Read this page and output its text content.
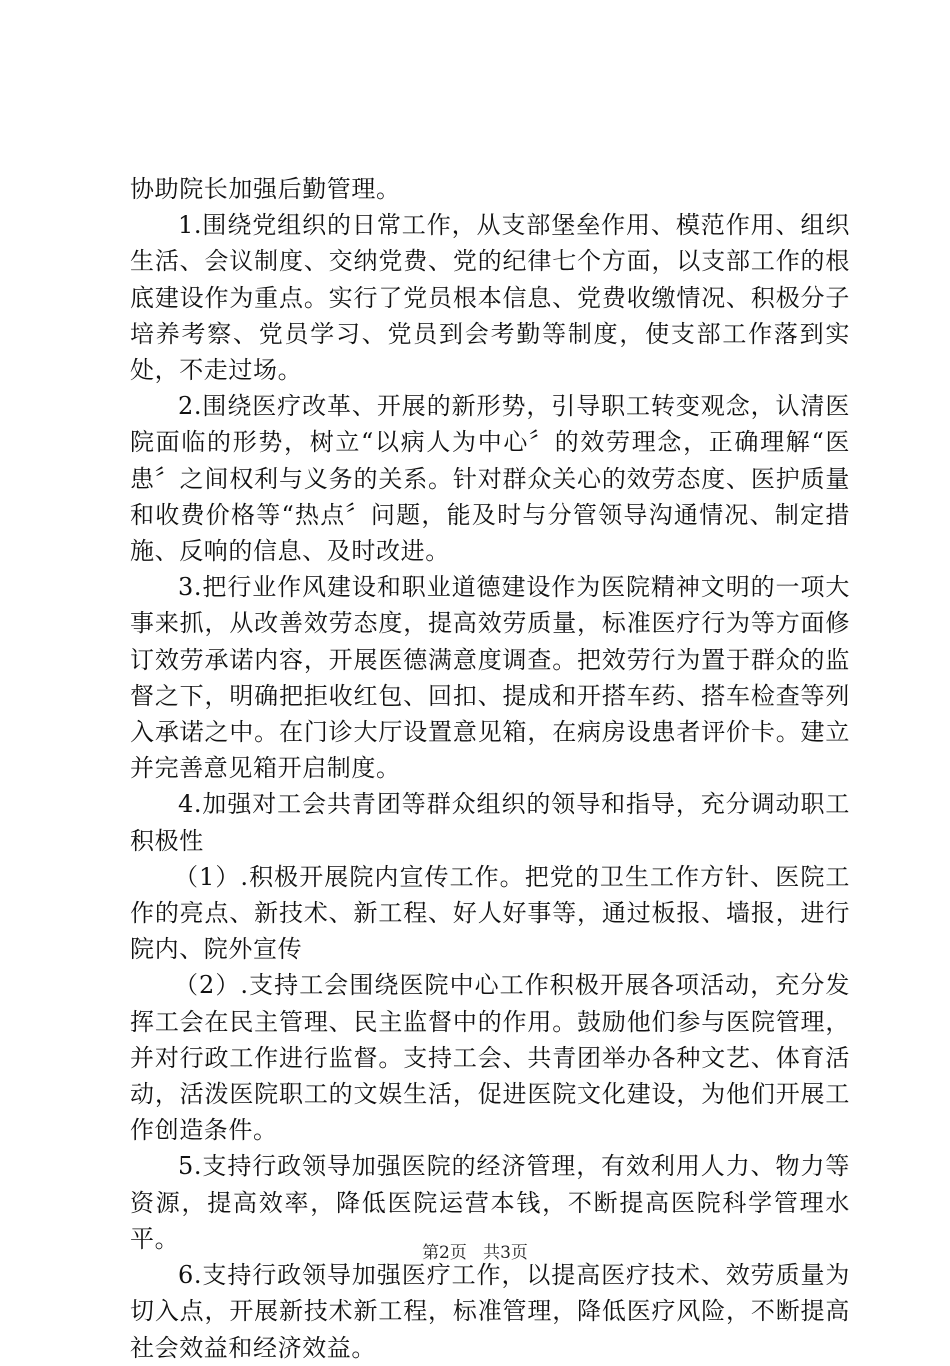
协助院长加强后勤管理。

1.围绕党组织的日常工作，从支部堡垒作用、模范作用、组织生活、会议制度、交纳党费、党的纪律七个方面，以支部工作的根底建设作为重点。实行了党员根本信息、党费收缴情况、积极分子培养考察、党员学习、党员到会考勤等制度，使支部工作落到实处，不走过场。

2.围绕医疗改革、开展的新形势，引导职工转变观念，认清医院面临的形势，树立“以病人为中心〞的效劳理念，正确理解“医患〞之间权利与义务的关系。针对群众关心的效劳态度、医护质量和收费价格等“热点〞问题，能及时与分管领导沟通情况、制定措施、反响的信息、及时改进。

3.把行业作风建设和职业道德建设作为医院精神文明的一项大事来抓，从改善效劳态度，提高效劳质量，标准医疗行为等方面修订效劳承诺内容，开展医德满意度调查。把效劳行为置于群众的监督之下，明确把拒收红包、回扣、提成和开搭车药、搭车检查等列入承诺之中。在门诊大厅设置意见箱，在病房设患者评价卡。建立并完善意见箱开启制度。

4.加强对工会共青团等群众组织的领导和指导，充分调动职工积极性

（1）.积极开展院内宣传工作。把党的卫生工作方针、医院工作的亮点、新技术、新工程、好人好事等，通过板报、墙报，进行院内、院外宣传

（2）.支持工会围绕医院中心工作积极开展各项活动，充分发挥工会在民主管理、民主监督中的作用。鼓励他们参与医院管理，并对行政工作进行监督。支持工会、共青团举办各种文艺、体育活动，活泼医院职工的文娱生活，促进医院文化建设，为他们开展工作创造条件。

5.支持行政领导加强医院的经济管理，有效利用人力、物力等资源，提高效率，降低医院运营本钱，不断提高医院科学管理水平。

6.支持行政领导加强医疗工作，以提高医疗技术、效劳质量为切入点，开展新技术新工程，标准管理，降低医疗风险，不断提高社会效益和经济效益。

第2页 共3页
